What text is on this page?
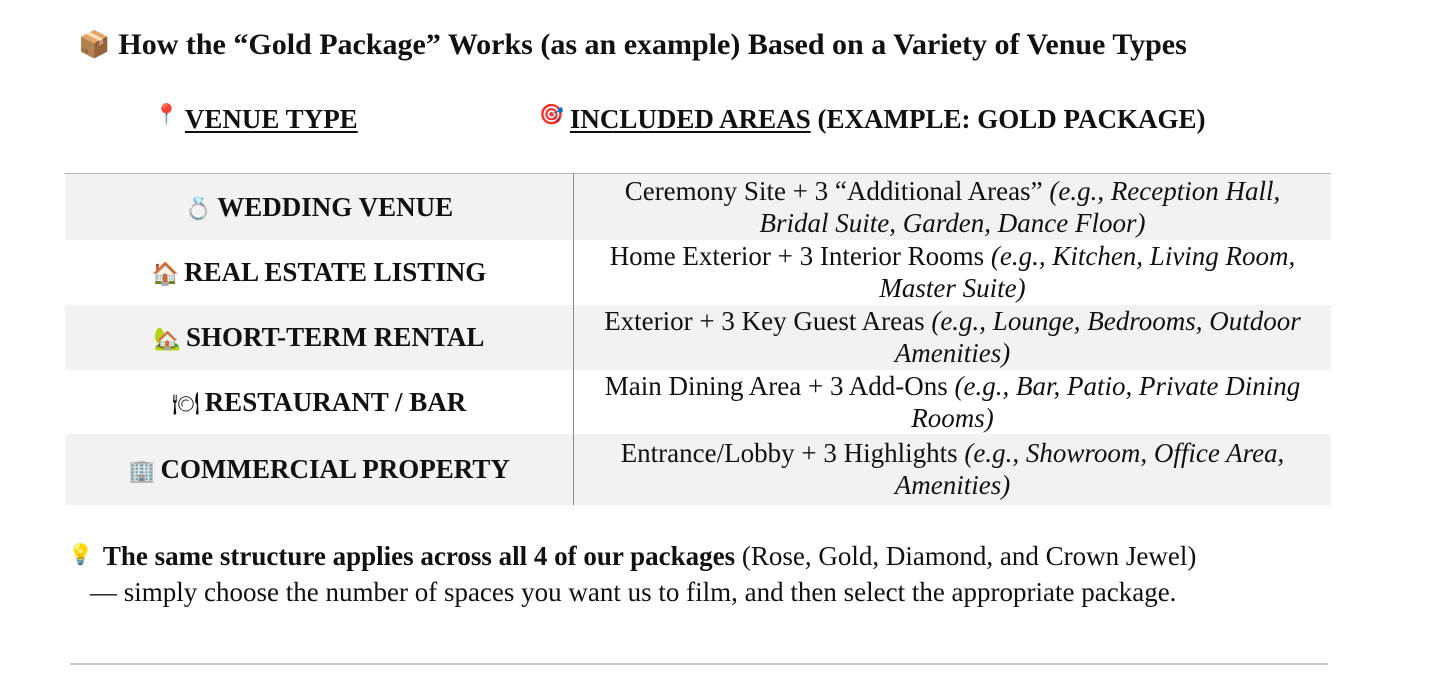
📦 How the “Gold Package” Works (as an example) Based on a Variety of Venue Types
📍 VENUE TYPE	🎯 INCLUDED AREAS (EXAMPLE: GOLD PACKAGE)
💍 WEDDING VENUE	Ceremony Site + 3 “Additional Areas” (e.g., Reception Hall, Bridal Suite, Garden, Dance Floor)
🏠 REAL ESTATE LISTING	Home Exterior + 3 Interior Rooms (e.g., Kitchen, Living Room, Master Suite)
🏡 SHORT-TERM RENTAL	Exterior + 3 Key Guest Areas (e.g., Lounge, Bedrooms, Outdoor Amenities)
🍽 RESTAURANT / BAR	Main Dining Area + 3 Add-Ons (e.g., Bar, Patio, Private Dining Rooms)
🏢 COMMERCIAL PROPERTY	Entrance/Lobby + 3 Highlights (e.g., Showroom, Office Area, Amenities)
💡 The same structure applies across all 4 of our packages (Rose, Gold, Diamond, and Crown Jewel)
— simply choose the number of spaces you want us to film, and then select the appropriate package.
